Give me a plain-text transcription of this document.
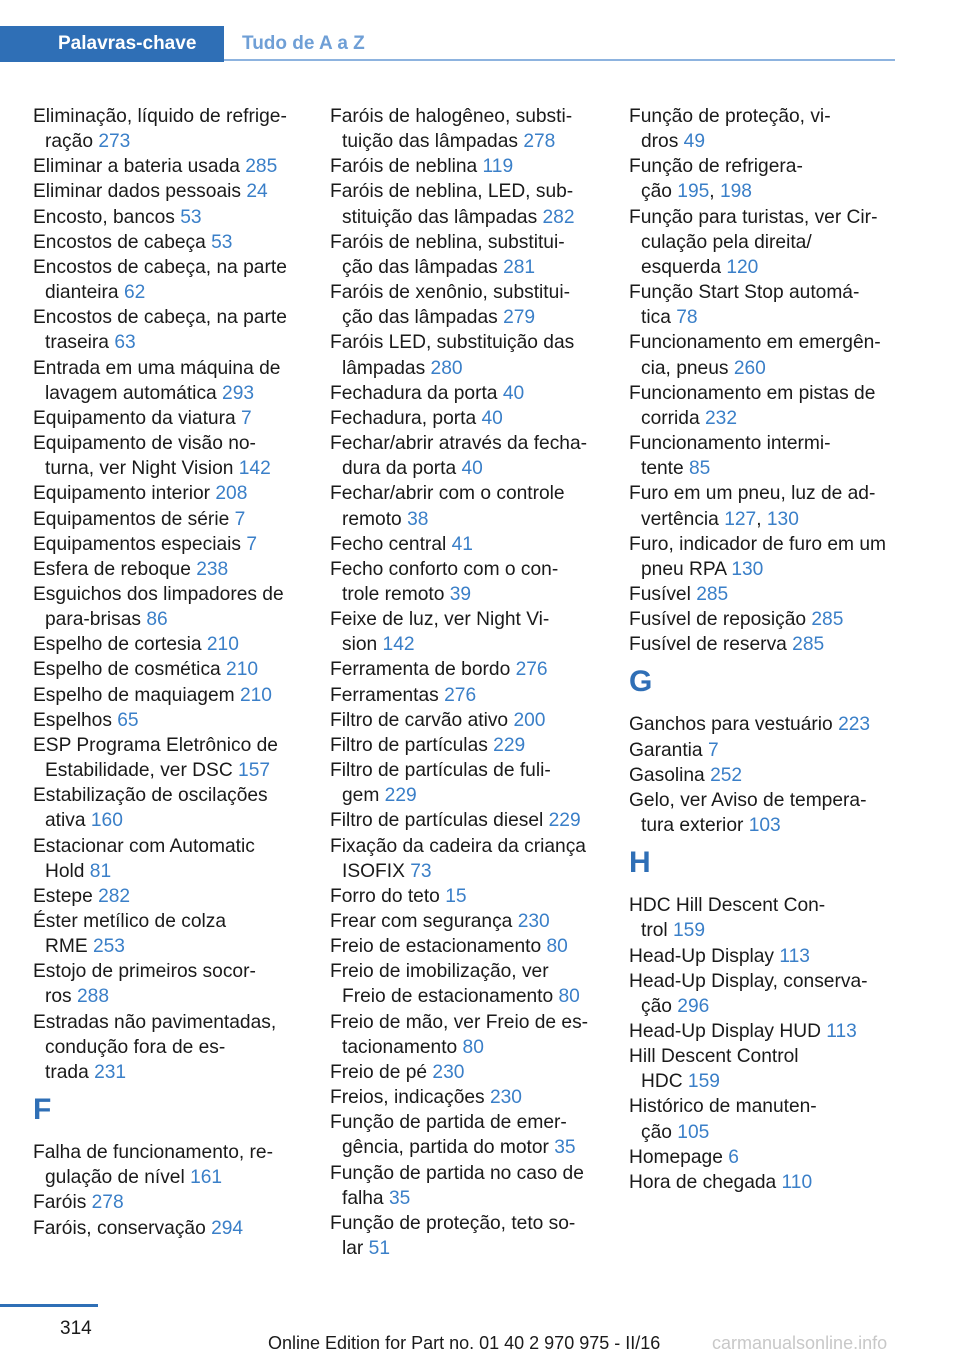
Palavras-chave	Tudo de A a Z
Eliminação, líquido de refrige-
ração 273
Eliminar a bateria usada 285
Eliminar dados pessoais 24
Encosto, bancos 53
Encostos de cabeça 53
Encostos de cabeça, na parte
dianteira 62
Encostos de cabeça, na parte
traseira 63
Entrada em uma máquina de
lavagem automática 293
Equipamento da viatura 7
Equipamento de visão no-
turna, ver Night Vision 142
Equipamento interior 208
Equipamentos de série 7
Equipamentos especiais 7
Esfera de reboque 238
Esguichos dos limpadores de
para-brisas 86
Espelho de cortesia 210
Espelho de cosmética 210
Espelho de maquiagem 210
Espelhos 65
ESP Programa Eletrônico de
Estabilidade, ver DSC 157
Estabilização de oscilações
ativa 160
Estacionar com Automatic
Hold 81
Estepe 282
Éster metílico de colza
RME 253
Estojo de primeiros socor-
ros 288
Estradas não pavimentadas,
condução fora de es-
trada 231
F
Falha de funcionamento, re-
gulação de nível 161
Faróis 278
Faróis, conservação 294
Faróis de halogêneo, substi-
tuição das lâmpadas 278
Faróis de neblina 119
Faróis de neblina, LED, sub-
stituição das lâmpadas 282
Faróis de neblina, substitui-
ção das lâmpadas 281
Faróis de xenônio, substitui-
ção das lâmpadas 279
Faróis LED, substituição das
lâmpadas 280
Fechadura da porta 40
Fechadura, porta 40
Fechar/abrir através da fecha-
dura da porta 40
Fechar/abrir com o controle
remoto 38
Fecho central 41
Fecho conforto com o con-
trole remoto 39
Feixe de luz, ver Night Vi-
sion 142
Ferramenta de bordo 276
Ferramentas 276
Filtro de carvão ativo 200
Filtro de partículas 229
Filtro de partículas de fuli-
gem 229
Filtro de partículas diesel 229
Fixação da cadeira da criança
ISOFIX 73
Forro do teto 15
Frear com segurança 230
Freio de estacionamento 80
Freio de imobilização, ver
Freio de estacionamento 80
Freio de mão, ver Freio de es-
tacionamento 80
Freio de pé 230
Freios, indicações 230
Função de partida de emer-
gência, partida do motor 35
Função de partida no caso de
falha 35
Função de proteção, teto so-
lar 51
Função de proteção, vi-
dros 49
Função de refrigera-
ção 195, 198
Função para turistas, ver Cir-
culação pela direita/
esquerda 120
Função Start Stop automá-
tica 78
Funcionamento em emergên-
cia, pneus 260
Funcionamento em pistas de
corrida 232
Funcionamento intermi-
tente 85
Furo em um pneu, luz de ad-
vertência 127, 130
Furo, indicador de furo em um
pneu RPA 130
Fusível 285
Fusível de reposição 285
Fusível de reserva 285
G
Ganchos para vestuário 223
Garantia 7
Gasolina 252
Gelo, ver Aviso de tempera-
tura exterior 103
H
HDC Hill Descent Con-
trol 159
Head-Up Display 113
Head-Up Display, conserva-
ção 296
Head-Up Display HUD 113
Hill Descent Control
HDC 159
Histórico de manuten-
ção 105
Homepage 6
Hora de chegada 110
314
Online Edition for Part no. 01 40 2 970 975 - II/16	carmanualsonline.info
